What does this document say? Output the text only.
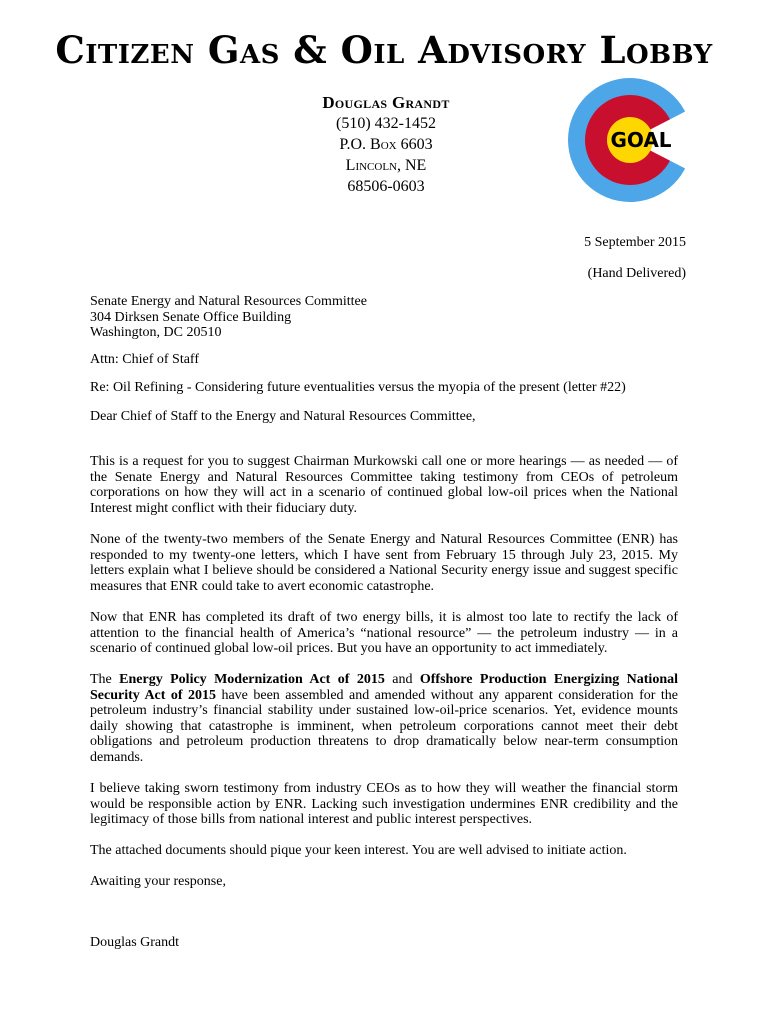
Citizen Gas & Oil Advisory Lobby
Douglas Grandt
(510) 432-1452
P.O. Box 6603
Lincoln, NE
68506-0603
GOAL
5 September 2015
(Hand Delivered)
Senate Energy and Natural Resources Committee
304 Dirksen Senate Office Building
Washington, DC 20510
Attn: Chief of Staff
Re: Oil Refining - Considering future eventualities versus the myopia of the present (letter #22)
Dear Chief of Staff to the Energy and Natural Resources Committee,

This is a request for you to suggest Chairman Murkowski call one or more hearings — as needed — of the Senate Energy and Natural Resources Committee taking testimony from CEOs of petroleum corporations on how they will act in a scenario of continued global low-oil prices when the National Interest might conflict with their fiduciary duty.

None of the twenty-two members of the Senate Energy and Natural Resources Committee (ENR) has responded to my twenty-one letters, which I have sent from February 15 through July 23, 2015. My letters explain what I believe should be considered a National Security energy issue and suggest specific measures that ENR could take to avert economic catastrophe.

Now that ENR has completed its draft of two energy bills, it is almost too late to rectify the lack of attention to the financial health of America’s “national resource” — the petroleum industry — in a scenario of continued global low-oil prices. But you have an opportunity to act immediately.

The Energy Policy Modernization Act of 2015 and Offshore Production Energizing National Security Act of 2015 have been assembled and amended without any apparent consideration for the petroleum industry’s financial stability under sustained low-oil-price scenarios. Yet, evidence mounts daily showing that catastrophe is imminent, when petroleum corporations cannot meet their debt obligations and petroleum production threatens to drop dramatically below near-term consumption demands.

I believe taking sworn testimony from industry CEOs as to how they will weather the financial storm would be responsible action by ENR. Lacking such investigation undermines ENR credibility and the legitimacy of those bills from national interest and public interest perspectives.

The attached documents should pique your keen interest. You are well advised to initiate action.

Awaiting your response,

Douglas Grandt
